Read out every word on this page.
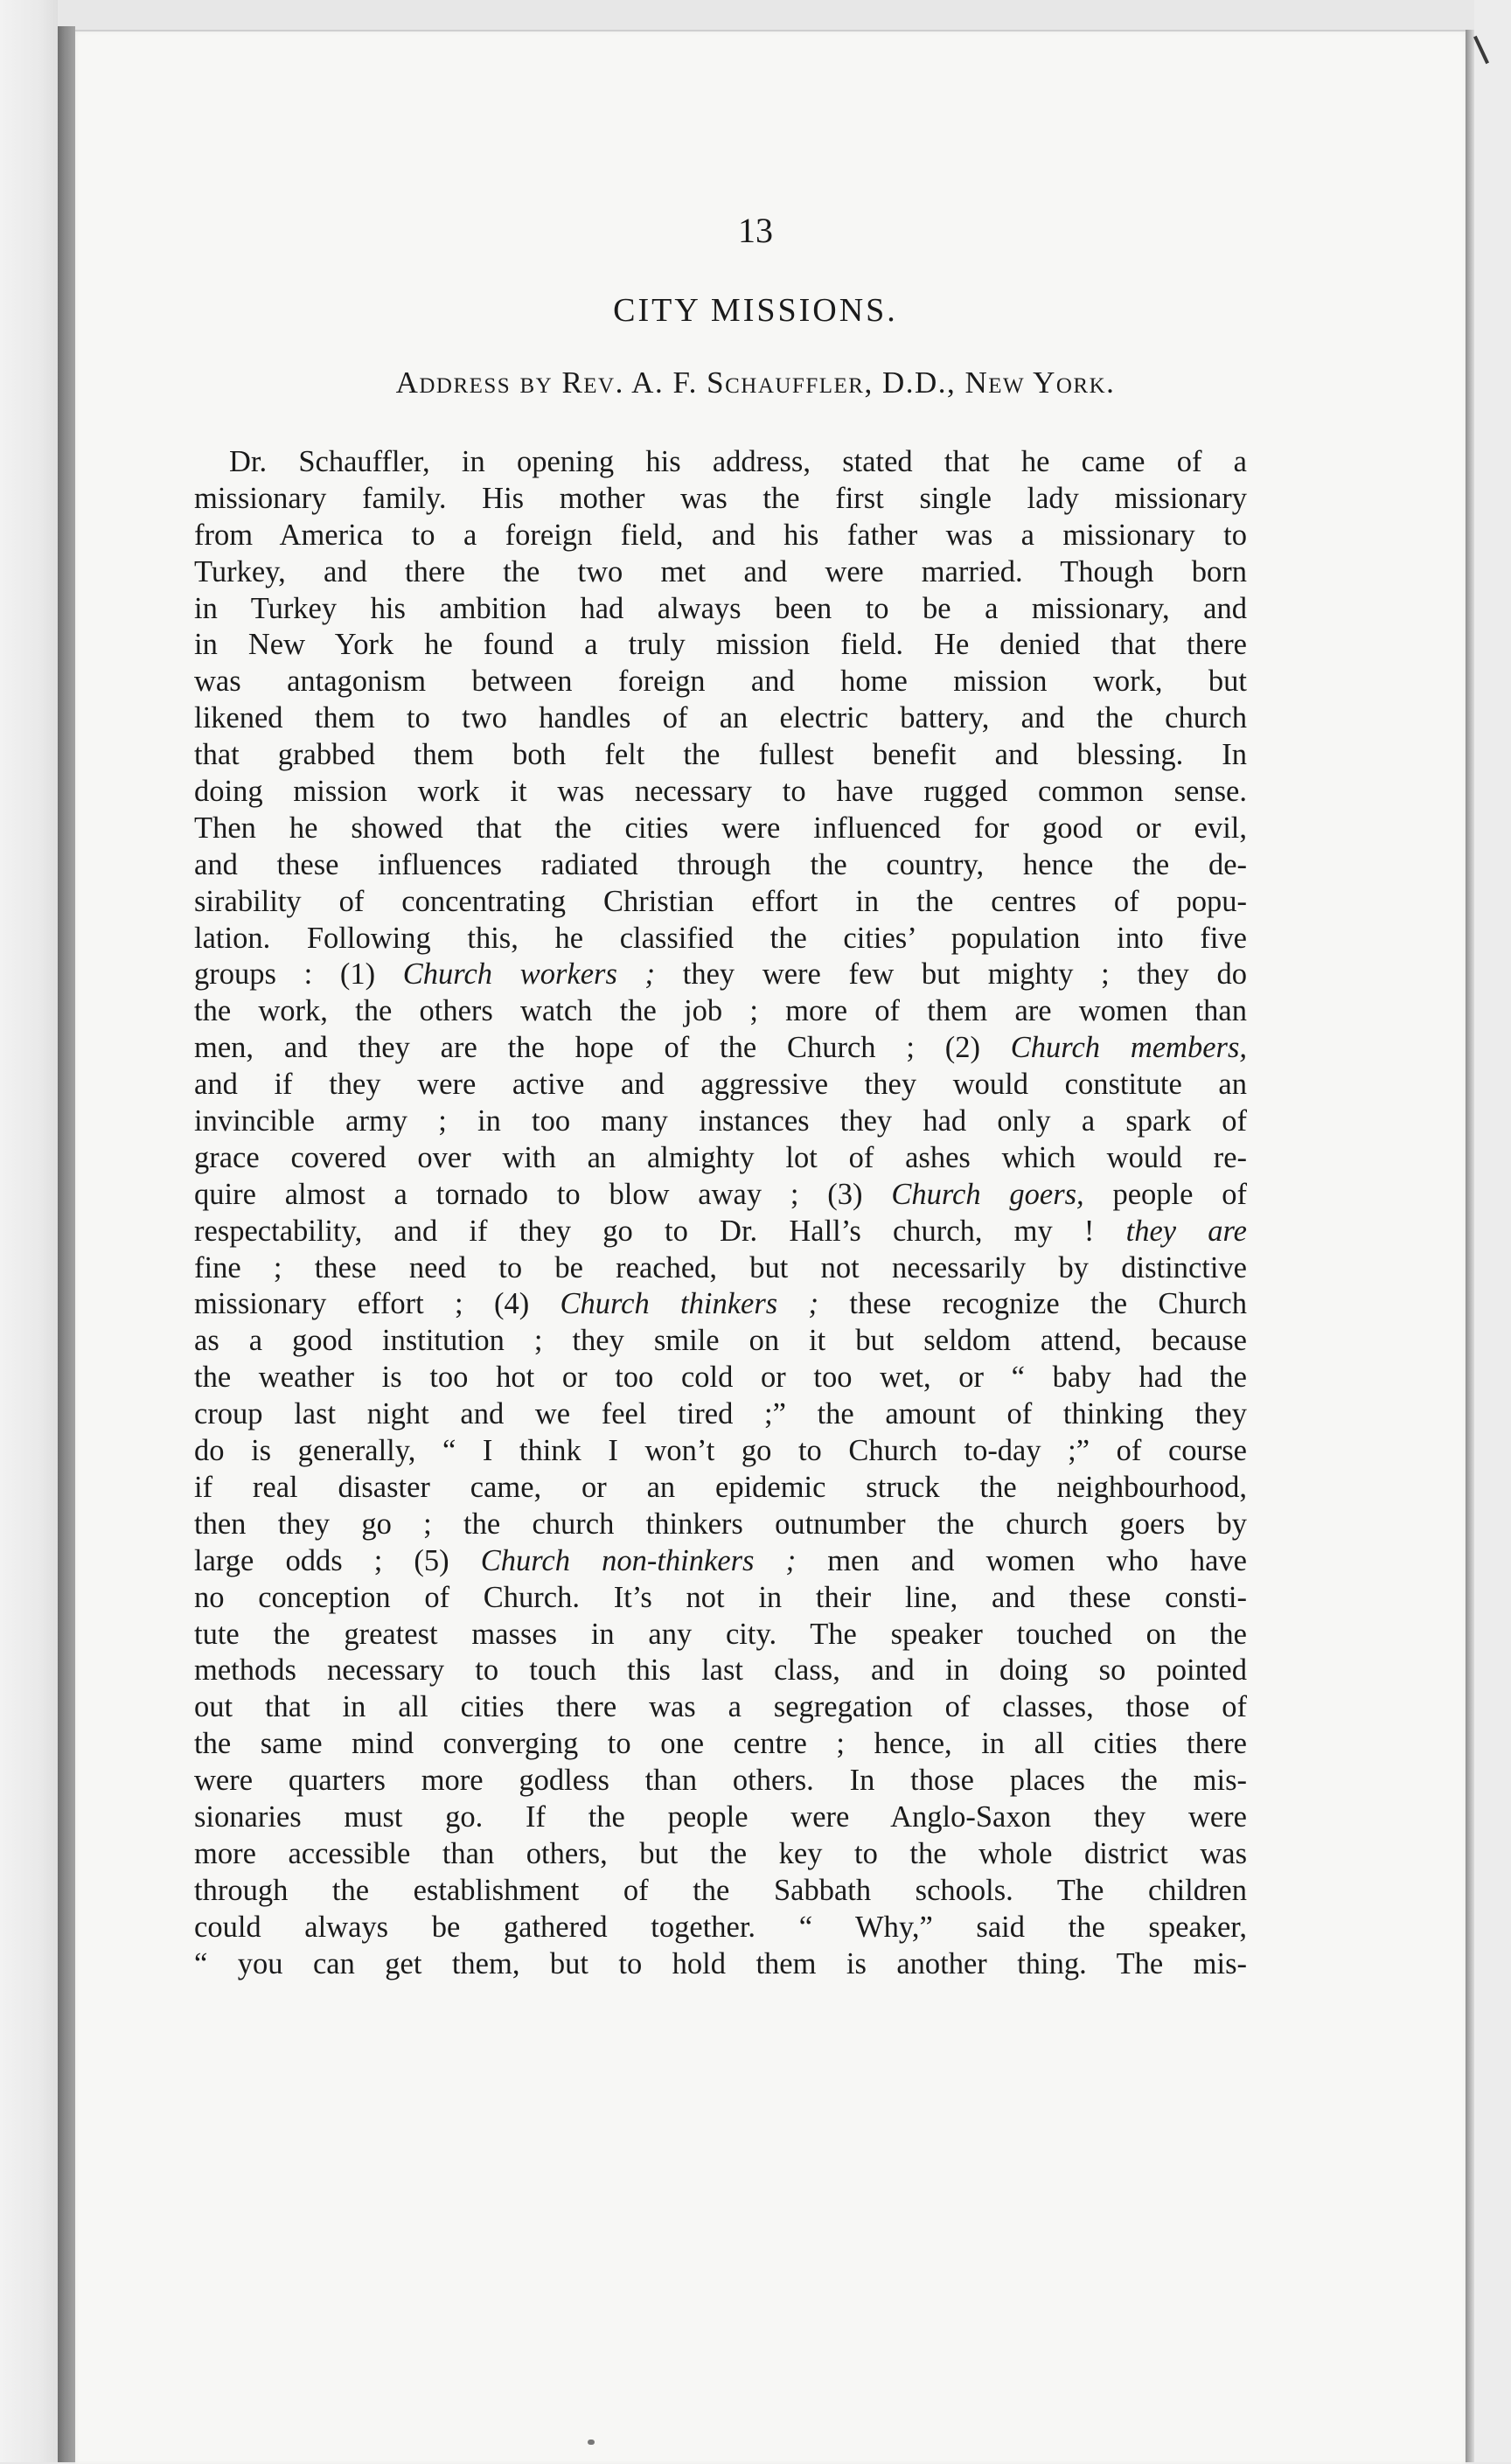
13
CITY MISSIONS.
Address by Rev. A. F. Schauffler, D.D., New York.
Dr. Schauffler, in opening his address, stated that he came of a
missionary family. His mother was the first single lady missionary
from America to a foreign field, and his father was a missionary to
Turkey, and there the two met and were married. Though born
in Turkey his ambition had always been to be a missionary, and
in New York he found a truly mission field. He denied that there
was antagonism between foreign and home mission work, but
likened them to two handles of an electric battery, and the church
that grabbed them both felt the fullest benefit and blessing. In
doing mission work it was necessary to have rugged common sense.
Then he showed that the cities were influenced for good or evil,
and these influences radiated through the country, hence the de-
sirability of concentrating Christian effort in the centres of popu-
lation. Following this, he classified the cities’ population into five
groups : (1) Church workers ; they were few but mighty ; they do
the work, the others watch the job ; more of them are women than
men, and they are the hope of the Church ; (2) Church members,
and if they were active and aggressive they would constitute an
invincible army ; in too many instances they had only a spark of
grace covered over with an almighty lot of ashes which would re-
quire almost a tornado to blow away ; (3) Church goers, people of
respectability, and if they go to Dr. Hall’s church, my ! they are
fine ; these need to be reached, but not necessarily by distinctive
missionary effort ; (4) Church thinkers ; these recognize the Church
as a good institution ; they smile on it but seldom attend, because
the weather is too hot or too cold or too wet, or “ baby had the
croup last night and we feel tired ;” the amount of thinking they
do is generally, “ I think I won’t go to Church to-day ;” of course
if real disaster came, or an epidemic struck the neighbourhood,
then they go ; the church thinkers outnumber the church goers by
large odds ; (5) Church non-thinkers ; men and women who have
no conception of Church. It’s not in their line, and these consti-
tute the greatest masses in any city. The speaker touched on the
methods necessary to touch this last class, and in doing so pointed
out that in all cities there was a segregation of classes, those of
the same mind converging to one centre ; hence, in all cities there
were quarters more godless than others. In those places the mis-
sionaries must go. If the people were Anglo-Saxon they were
more accessible than others, but the key to the whole district was
through the establishment of the Sabbath schools. The children
could always be gathered together. “ Why,” said the speaker,
“ you can get them, but to hold them is another thing. The mis-
